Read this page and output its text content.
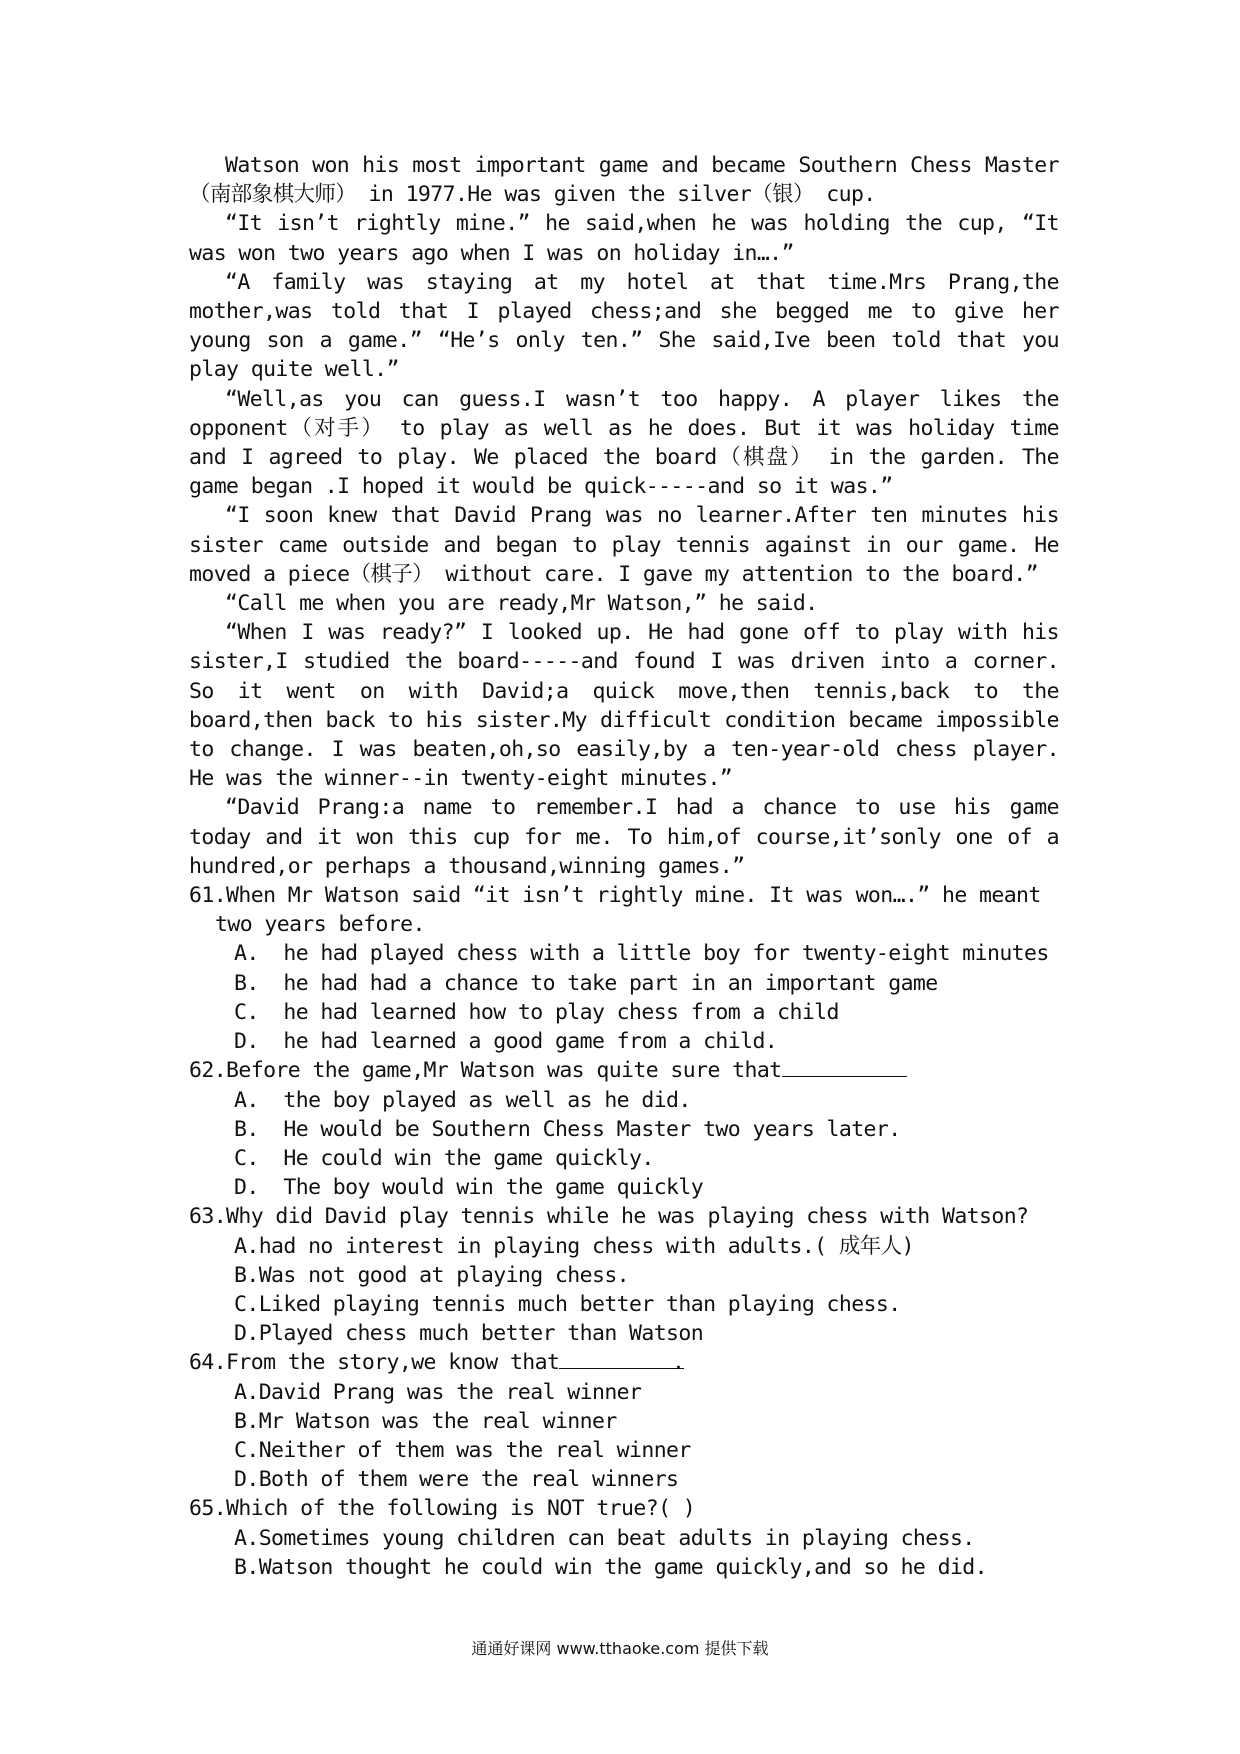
Watson won his most important game and became Southern Chess Master（南部象棋大师） in 1977.He was given the silver（银） cup.

“It isn’t rightly mine.” he said,when he was holding the cup, “It was won two years ago when I was on holiday in….”

“A family was staying at my hotel at that time.Mrs Prang,the mother,was told that I played chess;and she begged me to give her young son a game.” “He’s only ten.” She said,Ive been told that you play quite well.”

“Well,as you can guess.I wasn’t too happy. A player likes the opponent（对手） to play as well as he does. But it was holiday time and I agreed to play. We placed the board（棋盘） in the garden. The game began .I hoped it would be quick-----and so it was.”

“I soon knew that David Prang was no learner.After ten minutes his sister came outside and began to play tennis against in our game. He moved a piece（棋子） without care. I gave my attention to the board.”

“Call me when you are ready,Mr Watson,” he said.

“When I was ready?” I looked up. He had gone off to play with his sister,I studied the board-----and found I was driven into a corner. So it went on with David;a quick move,then tennis,back to the board,then back to his sister.My difficult condition became impossible to change. I was beaten,oh,so easily,by a ten-year-old chess player. He was the winner--in twenty-eight minutes.”

“David Prang:a name to remember.I had a chance to use his game today and it won this cup for me. To him,of course,it’sonly one of a hundred,or perhaps a thousand,winning games.”

61.When Mr Watson said “it isn’t rightly mine. It was won….” he meant
two years before.
A.  he had played chess with a little boy for twenty-eight minutes
B.  he had had a chance to take part in an important game
C.  he had learned how to play chess from a child
D.  he had learned a good game from a child.
62.Before the game,Mr Watson was quite sure that
A.  the boy played as well as he did.
B.  He would be Southern Chess Master two years later.
C.  He could win the game quickly.
D.  The boy would win the game quickly
63.Why did David play tennis while he was playing chess with Watson?
A.had no interest in playing chess with adults.( 成年人)
B.Was not good at playing chess.
C.Liked playing tennis much better than playing chess.
D.Played chess much better than Watson
64.From the story,we know that	.
A.David Prang was the real winner
B.Mr Watson was the real winner
C.Neither of them was the real winner
D.Both of them were the real winners
65.Which of the following is NOT true?( )
A.Sometimes young children can beat adults in playing chess.
B.Watson thought he could win the game quickly,and so he did.
通通好课网 www.tthaoke.com 提供下载
